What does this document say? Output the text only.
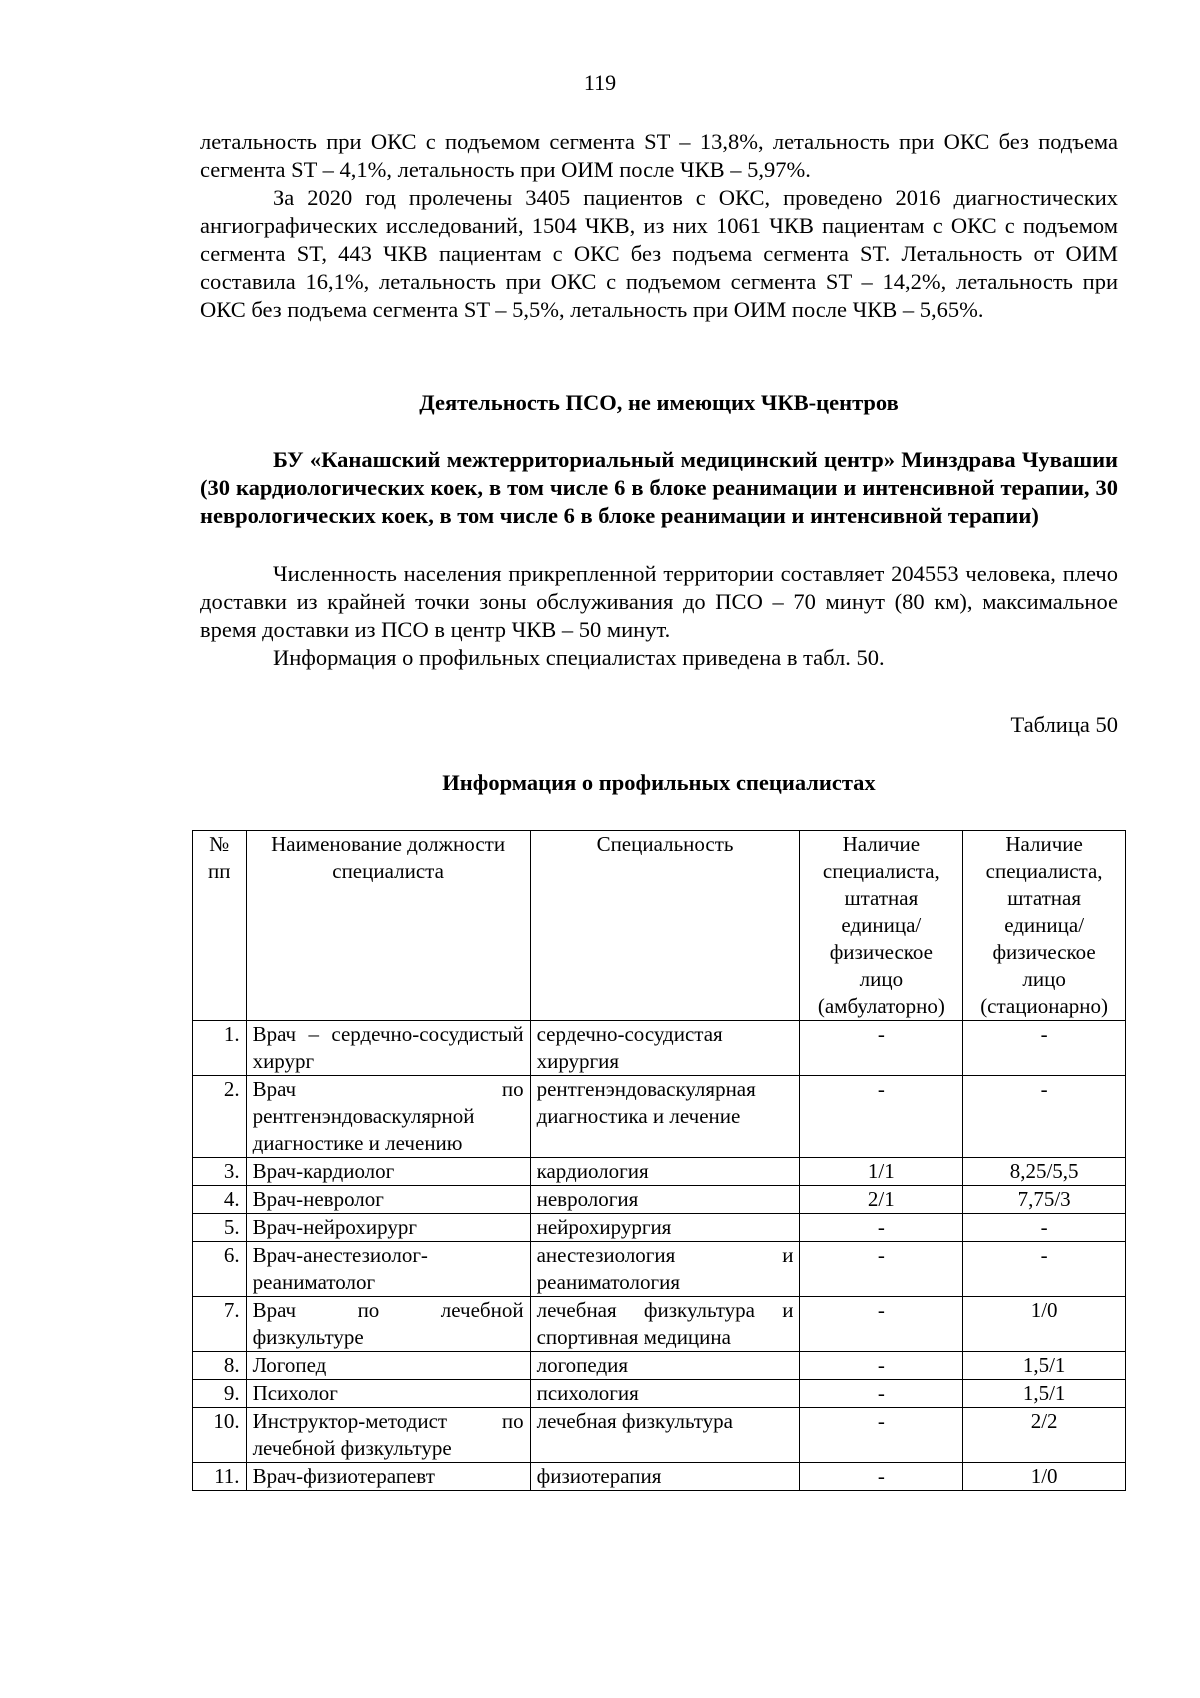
119

летальность при ОКС с подъемом сегмента ST – 13,8%, летальность при ОКС без подъема сегмента ST – 4,1%, летальность при ОИМ после ЧКВ – 5,97%.

За 2020 год пролечены 3405 пациентов с ОКС, проведено 2016 диагностических ангиографических исследований, 1504 ЧКВ, из них 1061 ЧКВ пациентам с ОКС с подъемом сегмента ST, 443 ЧКВ пациентам с ОКС без подъема сегмента ST. Летальность от ОИМ составила 16,1%, летальность при ОКС с подъемом сегмента ST – 14,2%, летальность при ОКС без подъема сегмента ST – 5,5%, летальность при ОИМ после ЧКВ – 5,65%.

Деятельность ПСО, не имеющих ЧКВ-центров
БУ «Канашский межтерриториальный медицинский центр» Минздрава Чувашии (30 кардиологических коек, в том числе 6 в блоке реанимации и интенсивной терапии, 30 неврологических коек, в том числе 6 в блоке реанимации и интенсивной терапии)

Численность населения прикрепленной территории составляет 204553 человека, плечо доставки из крайней точки зоны обслуживания до ПСО – 70 минут (80 км), максимальное время доставки из ПСО в центр ЧКВ – 50 минут.

Информация о профильных специалистах приведена в табл. 50.

Таблица 50
Информация о профильных специалистах
№ пп	Наименование должности специалиста	Специальность	Наличие специалиста, штатная единица/ физическое лицо (амбулаторно)	Наличие специалиста, штатная единица/ физическое лицо (стационарно)
1.	Врач – сердечно-сосудистый хирург	сердечно-сосудистая хирургия	-	-
2.	Врач по рентгенэндоваскулярной диагностике и лечению	рентгенэндоваскулярная диагностика и лечение	-	-
3.	Врач-кардиолог	кардиология	1/1	8,25/5,5
4.	Врач-невролог	неврология	2/1	7,75/3
5.	Врач-нейрохирург	нейрохирургия	-	-
6.	Врач-анестезиолог-реаниматолог	анестезиология и реаниматология	-	-
7.	Врач по лечебной физкультуре	лечебная физкультура и спортивная медицина	-	1/0
8.	Логопед	логопедия	-	1,5/1
9.	Психолог	психология	-	1,5/1
10.	Инструктор-методист по лечебной физкультуре	лечебная физкультура	-	2/2
11.	Врач-физиотерапевт	физиотерапия	-	1/0
